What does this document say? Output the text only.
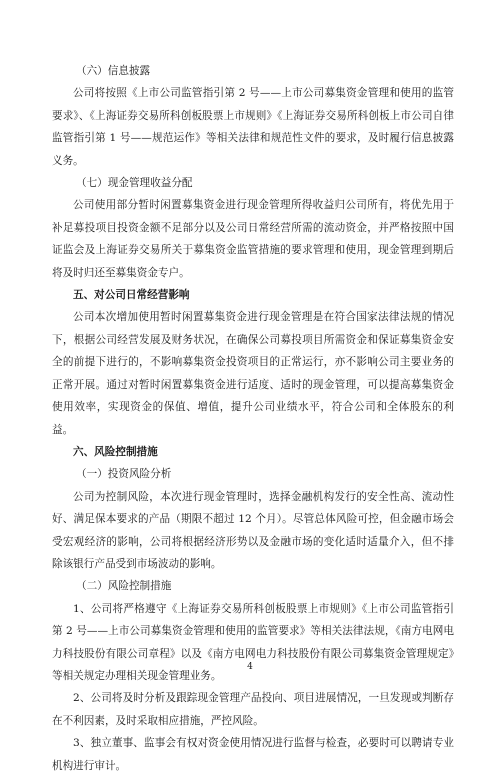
（六）信息披露

公司将按照《上市公司监管指引第 2 号——上市公司募集资金管理和使用的监管要求》、《上海证券交易所科创板股票上市规则》《上海证券交易所科创板上市公司自律监管指引第 1 号——规范运作》等相关法律和规范性文件的要求，及时履行信息披露义务。

（七）现金管理收益分配

公司使用部分暂时闲置募集资金进行现金管理所得收益归公司所有，将优先用于补足募投项目投资金额不足部分以及公司日常经营所需的流动资金，并严格按照中国证监会及上海证券交易所关于募集资金监管措施的要求管理和使用，现金管理到期后将及时归还至募集资金专户。

五、对公司日常经营影响

公司本次增加使用暂时闲置募集资金进行现金管理是在符合国家法律法规的情况下，根据公司经营发展及财务状况，在确保公司募投项目所需资金和保证募集资金安全的前提下进行的，不影响募集资金投资项目的正常运行，亦不影响公司主要业务的正常开展。通过对暂时闲置募集资金进行适度、适时的现金管理，可以提高募集资金使用效率，实现资金的保值、增值，提升公司业绩水平，符合公司和全体股东的利益。

六、风险控制措施

（一）投资风险分析

公司为控制风险，本次进行现金管理时，选择金融机构发行的安全性高、流动性好、满足保本要求的产品（期限不超过 12 个月）。尽管总体风险可控，但金融市场会受宏观经济的影响，公司将根据经济形势以及金融市场的变化适时适量介入，但不排除该银行产品受到市场波动的影响。

（二）风险控制措施

1、公司将严格遵守《上海证券交易所科创板股票上市规则》《上市公司监管指引第 2 号——上市公司募集资金管理和使用的监管要求》等相关法律法规，《南方电网电力科技股份有限公司章程》以及《南方电网电力科技股份有限公司募集资金管理规定》等相关规定办理相关现金管理业务。

2、公司将及时分析及跟踪现金管理产品投向、项目进展情况，一旦发现或判断存在不利因素，及时采取相应措施，严控风险。

3、独立董事、监事会有权对资金使用情况进行监督与检查，必要时可以聘请专业机构进行审计。

4
